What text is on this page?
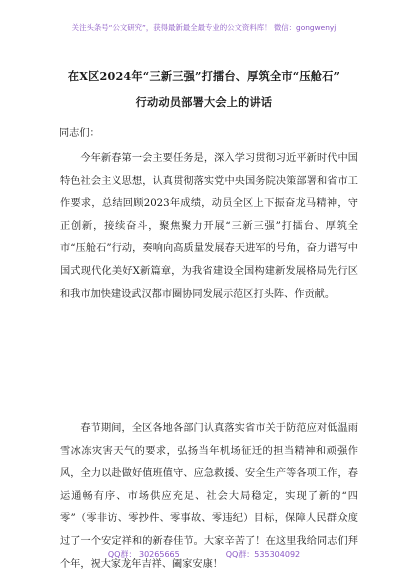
关注头条号“公文研究”，获得最新最全最专业的公文资料库！ 微信：gongwenyj
在X区2024年“三新三强”打擂台、厚筑全市“压舱石”
行动动员部署大会上的讲话
同志们：

今年新春第一会主要任务是，深入学习贯彻习近平新时代中国特色社会主义思想，认真贯彻落实党中央国务院决策部署和省市工作要求，总结回顾2023年成绩，动员全区上下振奋龙马精神，守正创新，接续奋斗，聚焦聚力开展“三新三强”打擂台、厚筑全市“压舱石”行动，奏响向高质量发展春天进军的号角，奋力谱写中国式现代化美好X新篇章，为我省建设全国构建新发展格局先行区和我市加快建设武汉都市圈协同发展示范区打头阵、作贡献。

春节期间，全区各地各部门认真落实省市关于防范应对低温雨雪冰冻灾害天气的要求，弘扬当年机场征迁的担当精神和顽强作风，全力以赴做好值班值守、应急救援、安全生产等各项工作，春运通畅有序、市场供应充足、社会大局稳定，实现了新的“四零”（零非访、零抄件、零事故、零违纪）目标，保障人民群众度过了一个安定祥和的新春佳节。大家辛苦了！在这里我给同志们拜个年，祝大家龙年吉祥、阖家安康！

QQ群： 30265665	QQ群：535304092
